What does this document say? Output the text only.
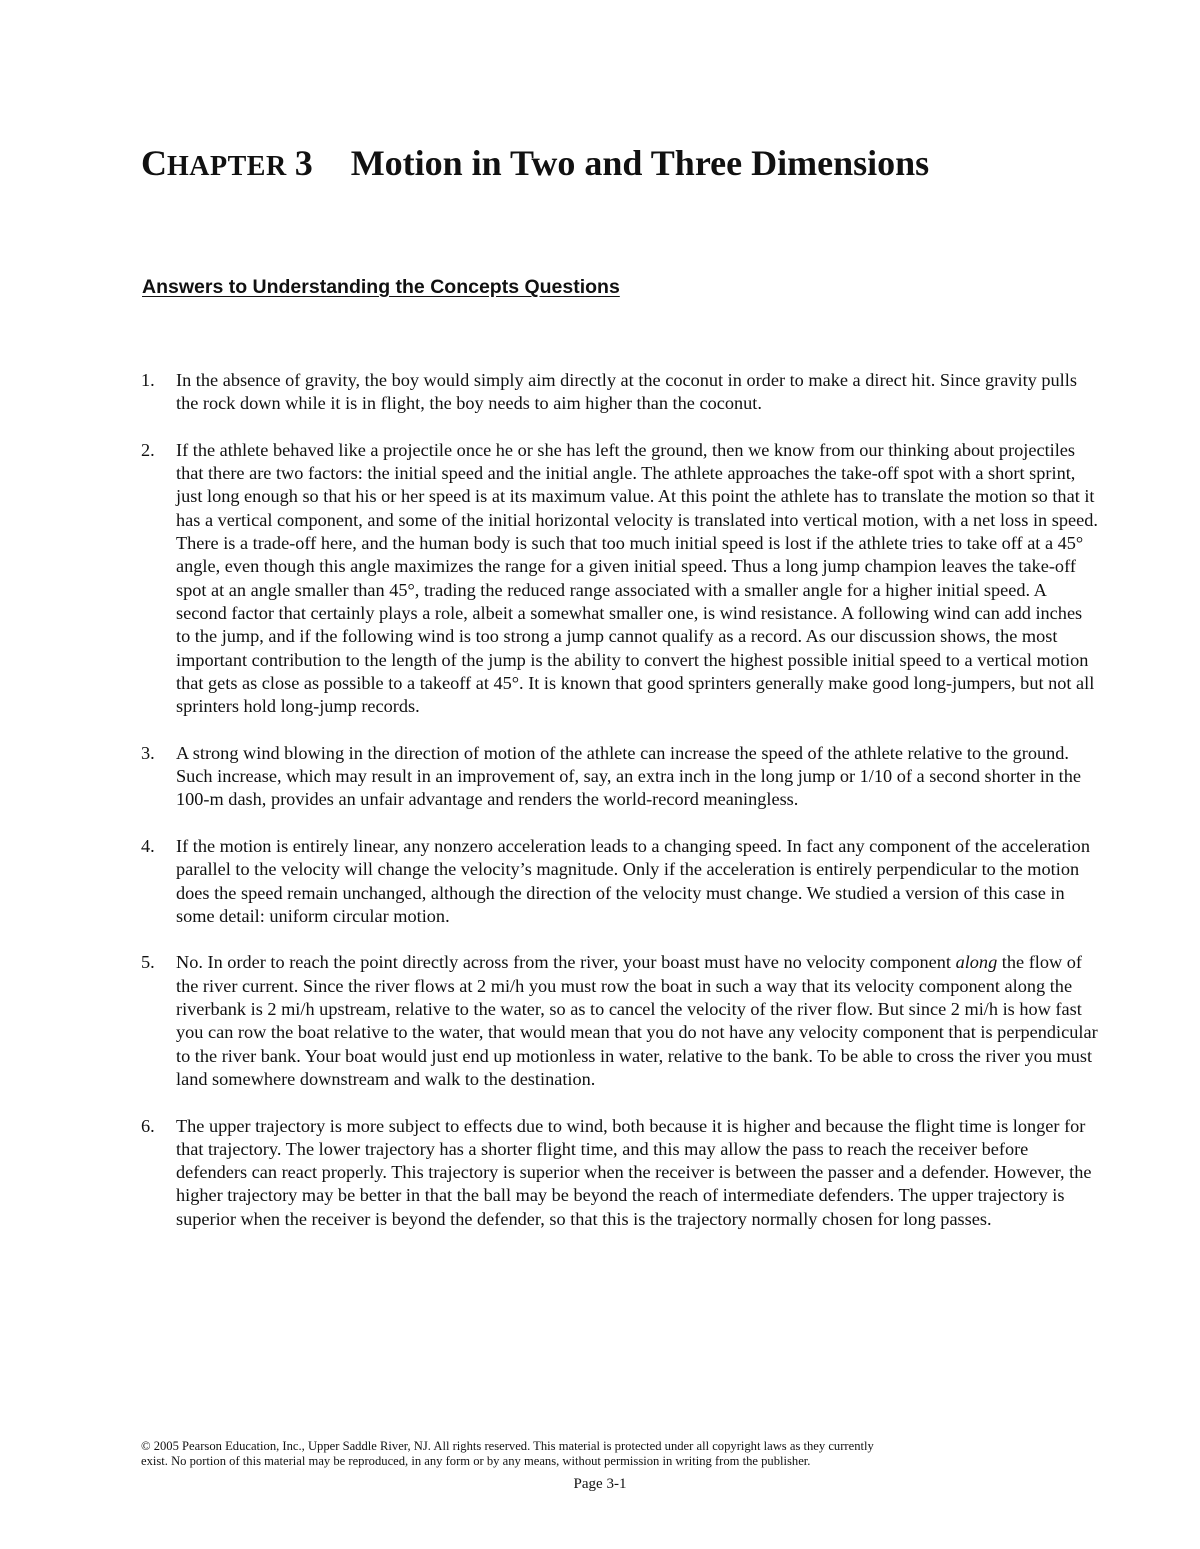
CHAPTER 3 Motion in Two and Three Dimensions
Answers to Understanding the Concepts Questions
1. In the absence of gravity, the boy would simply aim directly at the coconut in order to make a direct hit. Since gravity pulls the rock down while it is in flight, the boy needs to aim higher than the coconut.
2. If the athlete behaved like a projectile once he or she has left the ground, then we know from our thinking about projectiles that there are two factors: the initial speed and the initial angle. The athlete approaches the take-off spot with a short sprint, just long enough so that his or her speed is at its maximum value. At this point the athlete has to translate the motion so that it has a vertical component, and some of the initial horizontal velocity is translated into vertical motion, with a net loss in speed. There is a trade-off here, and the human body is such that too much initial speed is lost if the athlete tries to take off at a 45° angle, even though this angle maximizes the range for a given initial speed. Thus a long jump champion leaves the take-off spot at an angle smaller than 45°, trading the reduced range associated with a smaller angle for a higher initial speed. A second factor that certainly plays a role, albeit a somewhat smaller one, is wind resistance. A following wind can add inches to the jump, and if the following wind is too strong a jump cannot qualify as a record. As our discussion shows, the most important contribution to the length of the jump is the ability to convert the highest possible initial speed to a vertical motion that gets as close as possible to a takeoff at 45°. It is known that good sprinters generally make good long-jumpers, but not all sprinters hold long-jump records.
3. A strong wind blowing in the direction of motion of the athlete can increase the speed of the athlete relative to the ground. Such increase, which may result in an improvement of, say, an extra inch in the long jump or 1/10 of a second shorter in the 100-m dash, provides an unfair advantage and renders the world-record meaningless.
4. If the motion is entirely linear, any nonzero acceleration leads to a changing speed. In fact any component of the acceleration parallel to the velocity will change the velocity’s magnitude. Only if the acceleration is entirely perpendicular to the motion does the speed remain unchanged, although the direction of the velocity must change. We studied a version of this case in some detail: uniform circular motion.
5. No. In order to reach the point directly across from the river, your boast must have no velocity component along the flow of the river current. Since the river flows at 2 mi/h you must row the boat in such a way that its velocity component along the riverbank is 2 mi/h upstream, relative to the water, so as to cancel the velocity of the river flow. But since 2 mi/h is how fast you can row the boat relative to the water, that would mean that you do not have any velocity component that is perpendicular to the river bank. Your boat would just end up motionless in water, relative to the bank. To be able to cross the river you must land somewhere downstream and walk to the destination.
6. The upper trajectory is more subject to effects due to wind, both because it is higher and because the flight time is longer for that trajectory. The lower trajectory has a shorter flight time, and this may allow the pass to reach the receiver before defenders can react properly. This trajectory is superior when the receiver is between the passer and a defender. However, the higher trajectory may be better in that the ball may be beyond the reach of intermediate defenders. The upper trajectory is superior when the receiver is beyond the defender, so that this is the trajectory normally chosen for long passes.
© 2005 Pearson Education, Inc., Upper Saddle River, NJ. All rights reserved. This material is protected under all copyright laws as they currently
exist. No portion of this material may be reproduced, in any form or by any means, without permission in writing from the publisher.
Page 3-1
